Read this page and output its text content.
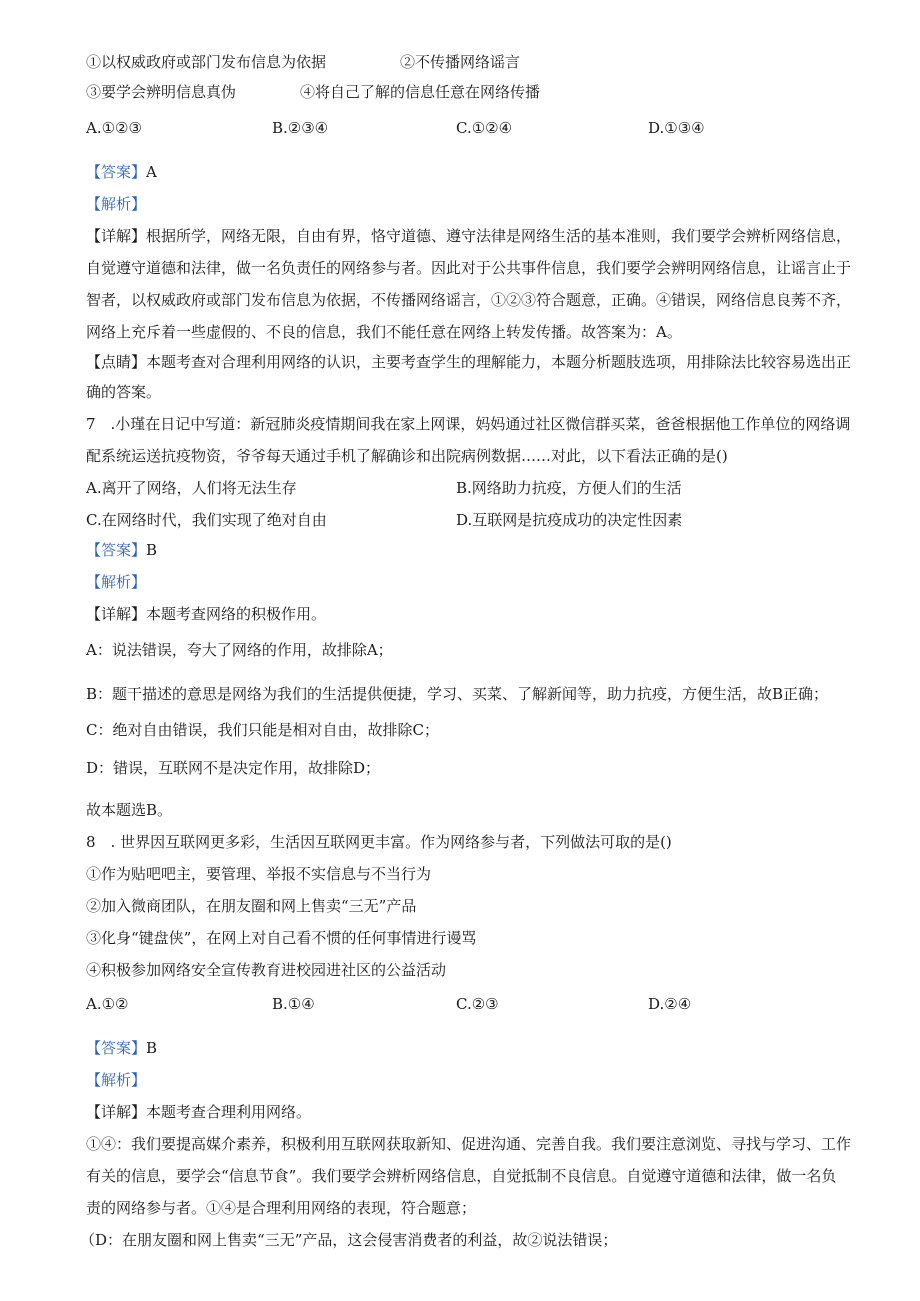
①以权威政府或部门发布信息为依据	②不传播网络谣言
③要学会辨明信息真伪	④将自己了解的信息任意在网络传播
A.①②③	B.②③④	C.①②④	D.①③④
【答案】A
【解析】
【详解】根据所学，网络无限，自由有界，恪守道德、遵守法律是网络生活的基本准则，我们要学会辨析网络信息，
自觉遵守道德和法律，做一名负责任的网络参与者。因此对于公共事件信息，我们要学会辨明网络信息，让谣言止于
智者，以权威政府或部门发布信息为依据，不传播网络谣言，①②③符合题意，正确。④错误，网络信息良莠不齐，
网络上充斥着一些虚假的、不良的信息，我们不能任意在网络上转发传播。故答案为：A。
【点睛】本题考查对合理利用网络的认识，主要考查学生的理解能力，本题分析题肢选项，用排除法比较容易选出正
确的答案。
7　.小瑾在日记中写道：新冠肺炎疫情期间我在家上网课，妈妈通过社区微信群买菜，爸爸根据他工作单位的网络调
配系统运送抗疫物资，爷爷每天通过手机了解确诊和出院病例数据……对此，以下看法正确的是()
A.离开了网络，人们将无法生存	B.网络助力抗疫，方便人们的生活
C.在网络时代，我们实现了绝对自由	D.互联网是抗疫成功的决定性因素
【答案】B
【解析】
【详解】本题考查网络的积极作用。
A：说法错误，夸大了网络的作用，故排除A；
B：题干描述的意思是网络为我们的生活提供便捷，学习、买菜、了解新闻等，助力抗疫，方便生活，故B正确；
C：绝对自由错误，我们只能是相对自由，故排除C；
D：错误，互联网不是决定作用，故排除D；
故本题选B。
8　. 世界因互联网更多彩，生活因互联网更丰富。作为网络参与者，下列做法可取的是()
①作为贴吧吧主，要管理、举报不实信息与不当行为
②加入微商团队，在朋友圈和网上售卖“三无”产品
③化身“键盘侠”，在网上对自己看不惯的任何事情进行谩骂
④积极参加网络安全宣传教育进校园进社区的公益活动
A.①②	B.①④	C.②③	D.②④
【答案】B
【解析】
【详解】本题考查合理利用网络。
①④：我们要提高媒介素养，积极利用互联网获取新知、促进沟通、完善自我。我们要注意浏览、寻找与学习、工作
有关的信息，要学会“信息节食”。我们要学会辨析网络信息，自觉抵制不良信息。自觉遵守道德和法律，做一名负
责的网络参与者。①④是合理利用网络的表现，符合题意；
（D：在朋友圈和网上售卖“三无”产品，这会侵害消费者的利益，故②说法错误；
